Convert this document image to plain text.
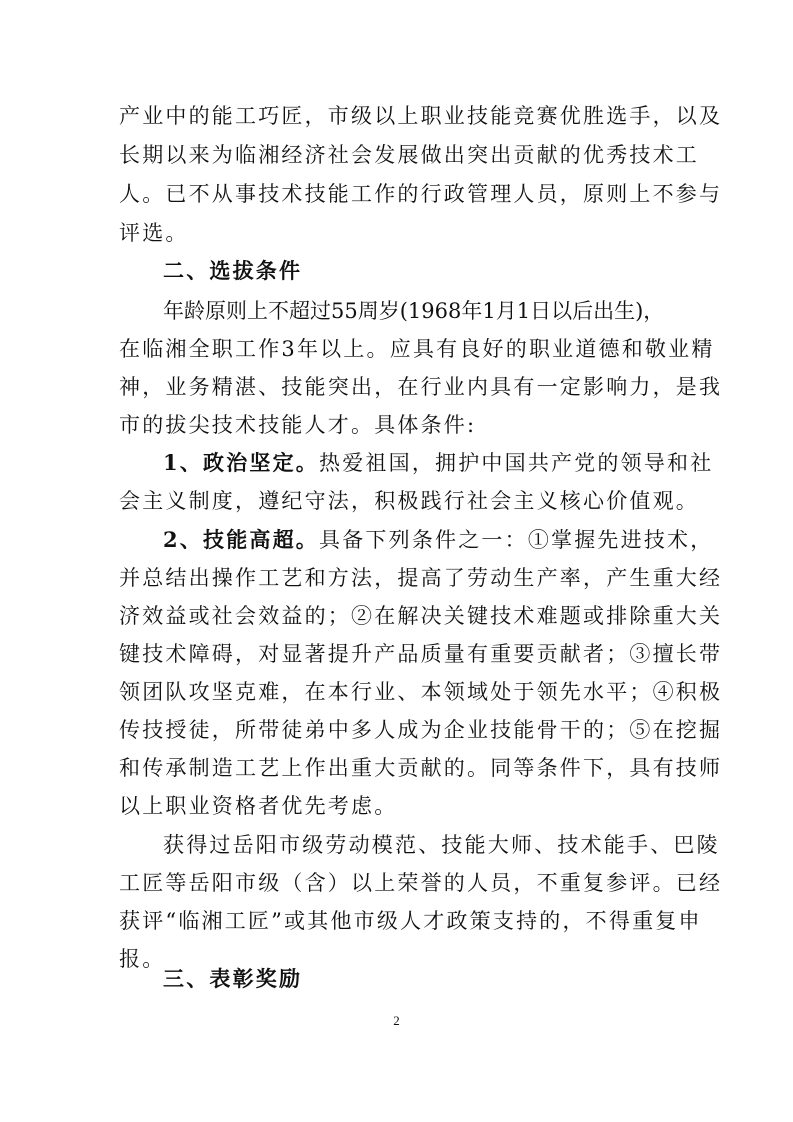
产业中的能工巧匠，市级以上职业技能竞赛优胜选手，以及
长期以来为临湘经济社会发展做出突出贡献的优秀技术工
人。已不从事技术技能工作的行政管理人员，原则上不参与
评选。
二、选拔条件
年龄原则上不超过55周岁(1968年1月1日以后出生)，
在临湘全职工作3年以上。应具有良好的职业道德和敬业精
神，业务精湛、技能突出，在行业内具有一定影响力，是我
市的拔尖技术技能人才。具体条件:
1、政治坚定。热爱祖国，拥护中国共产党的领导和社
会主义制度，遵纪守法，积极践行社会主义核心价值观。
2、技能高超。具备下列条件之一：①掌握先进技术，
并总结出操作工艺和方法，提高了劳动生产率，产生重大经
济效益或社会效益的；②在解决关键技术难题或排除重大关
键技术障碍，对显著提升产品质量有重要贡献者；③擅长带
领团队攻坚克难，在本行业、本领域处于领先水平；④积极
传技授徒，所带徒弟中多人成为企业技能骨干的；⑤在挖掘
和传承制造工艺上作出重大贡献的。同等条件下，具有技师
以上职业资格者优先考虑。
获得过岳阳市级劳动模范、技能大师、技术能手、巴陵
工匠等岳阳市级（含）以上荣誉的人员，不重复参评。已经
获评“临湘工匠”或其他市级人才政策支持的，不得重复申
报。
三、表彰奖励
2
